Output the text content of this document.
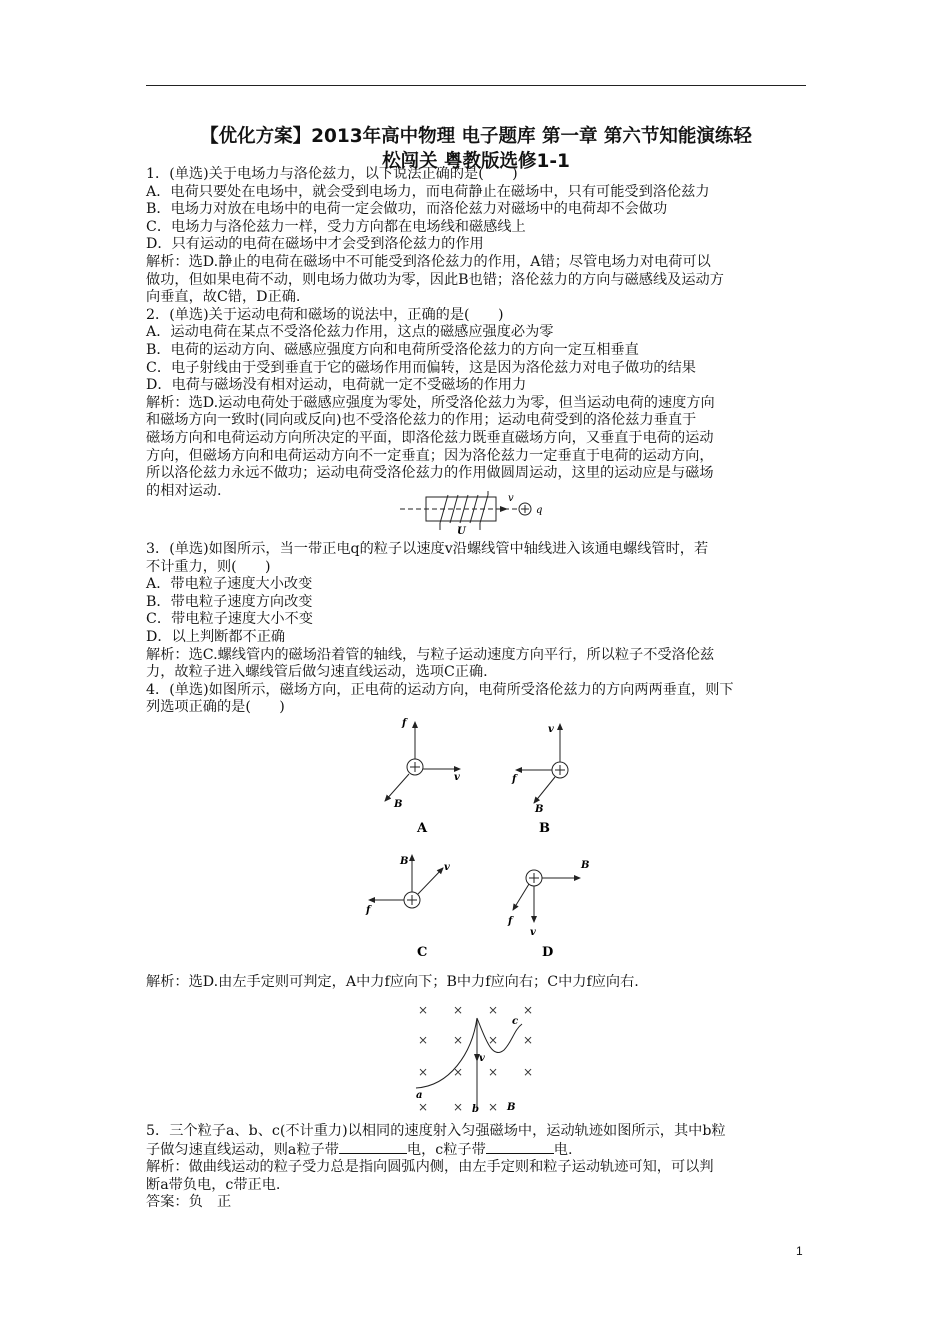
【优化方案】2013年高中物理 电子题库 第一章 第六节知能演练轻
松闯关 粤教版选修1-1
1．(单选)关于电场力与洛伦兹力，以下说法正确的是(　　)
A．电荷只要处在电场中，就会受到电场力，而电荷静止在磁场中，只有可能受到洛伦兹力
B．电场力对放在电场中的电荷一定会做功，而洛伦兹力对磁场中的电荷却不会做功
C．电场力与洛伦兹力一样，受力方向都在电场线和磁感线上
D．只有运动的电荷在磁场中才会受到洛伦兹力的作用
解析：选D.静止的电荷在磁场中不可能受到洛伦兹力的作用，A错；尽管电场力对电荷可以
做功，但如果电荷不动，则电场力做功为零，因此B也错；洛伦兹力的方向与磁感线及运动方
向垂直，故C错，D正确.
2．(单选)关于运动电荷和磁场的说法中，正确的是(　　)
A．运动电荷在某点不受洛伦兹力作用，这点的磁感应强度必为零
B．电荷的运动方向、磁感应强度方向和电荷所受洛伦兹力的方向一定互相垂直
C．电子射线由于受到垂直于它的磁场作用而偏转，这是因为洛伦兹力对电子做功的结果
D．电荷与磁场没有相对运动，电荷就一定不受磁场的作用力
解析：选D.运动电荷处于磁感应强度为零处，所受洛伦兹力为零，但当运动电荷的速度方向
和磁场方向一致时(同向或反向)也不受洛伦兹力的作用；运动电荷受到的洛伦兹力垂直于
磁场方向和电荷运动方向所决定的平面，即洛伦兹力既垂直磁场方向，又垂直于电荷的运动
方向，但磁场方向和电荷运动方向不一定垂直；因为洛伦兹力一定垂直于电荷的运动方向，
所以洛伦兹力永远不做功；运动电荷受洛伦兹力的作用做圆周运动，这里的运动应是与磁场
的相对运动.	v
q
U
3．(单选)如图所示，当一带正电q的粒子以速度v沿螺线管中轴线进入该通电螺线管时，若
不计重力，则(　　)
A．带电粒子速度大小改变
B．带电粒子速度方向改变
C．带电粒子速度大小不变
D．以上判断都不正确
解析：选C.螺线管内的磁场沿着管的轴线，与粒子运动速度方向平行，所以粒子不受洛伦兹
力，故粒子进入螺线管后做匀速直线运动，选项C正确.
4．(单选)如图所示，磁场方向，正电荷的运动方向，电荷所受洛伦兹力的方向两两垂直，则下
列选项正确的是(　　)
f
v
B
A
v
f
B
B
B
v
f
C
B
f
v
D
解析：选D.由左手定则可判定，A中力f应向下；B中力f应向右；C中力f应向右.
× × × ×
× × × ×
× × × ×
× × ×
v
a
b
c
B
5．三个粒子a、b、c(不计重力)以相同的速度射入匀强磁场中，运动轨迹如图所示，其中b粒
子做匀速直线运动，则a粒子带	电，c粒子带	电.
解析：做曲线运动的粒子受力总是指向圆弧内侧，由左手定则和粒子运动轨迹可知，可以判
断a带负电，c带正电.
答案：负　正
1
